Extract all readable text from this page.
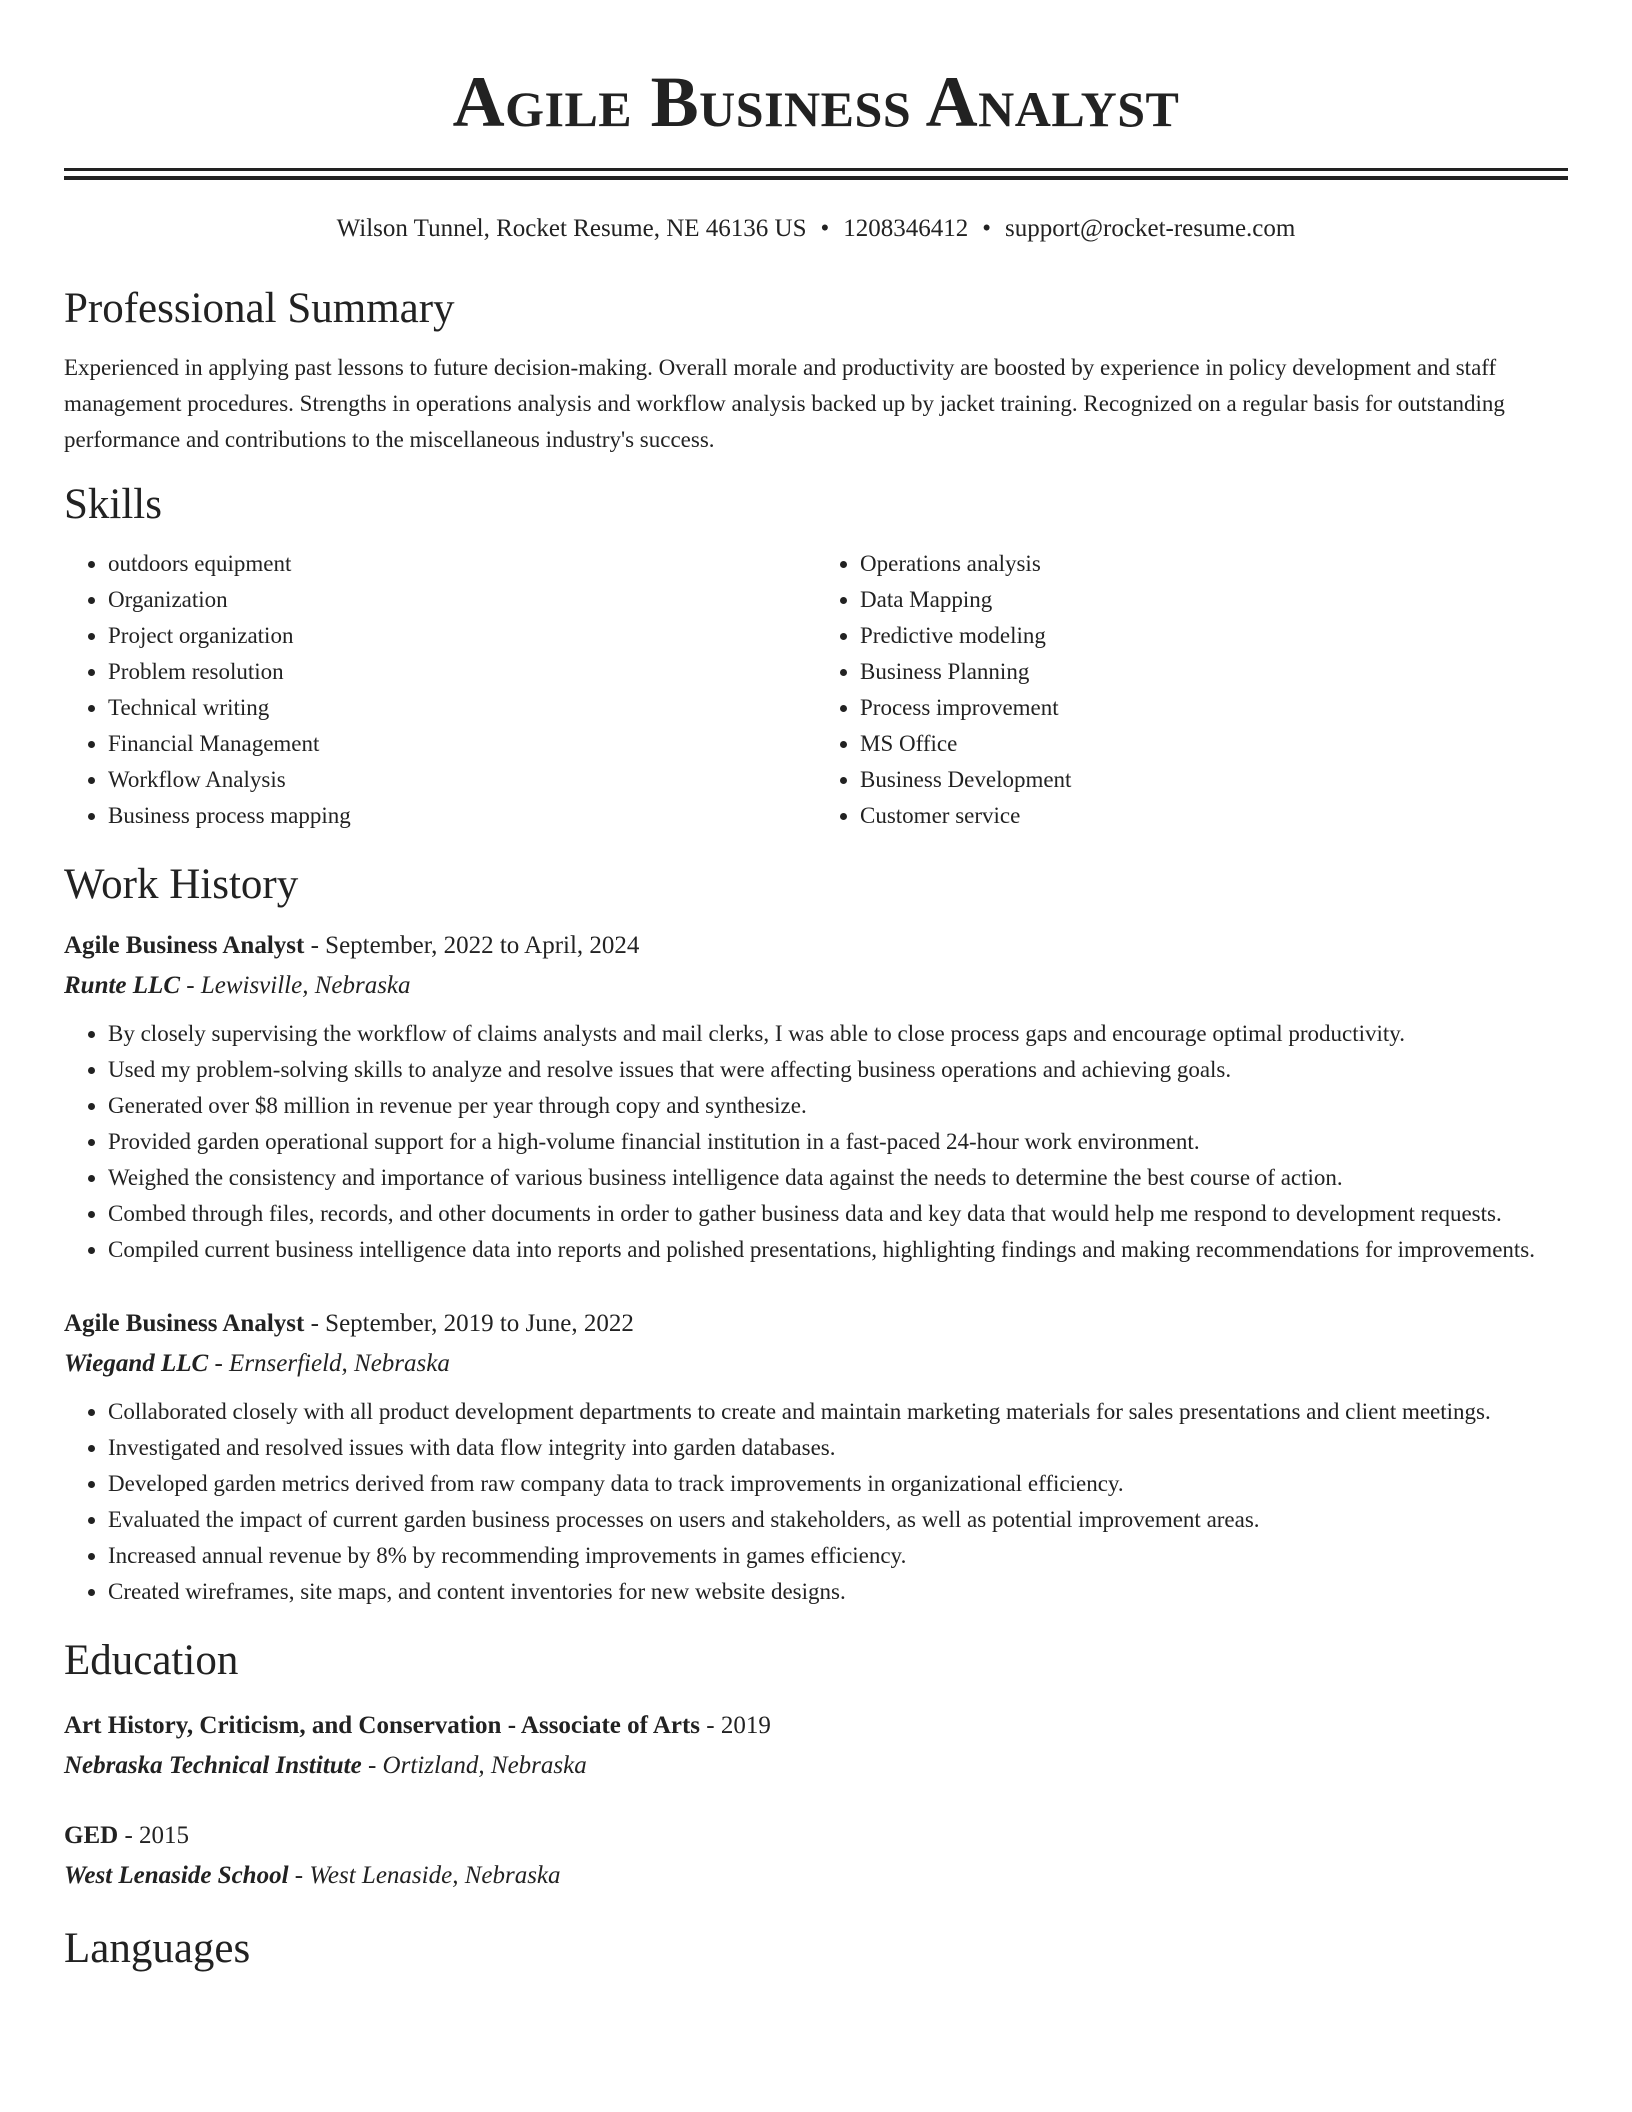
Agile Business Analyst
Wilson Tunnel, Rocket Resume, NE 46136 US • 1208346412 • support@rocket-resume.com
Professional Summary

Experienced in applying past lessons to future decision-making. Overall morale and productivity are boosted by experience in policy development and staff management procedures. Strengths in operations analysis and workflow analysis backed up by jacket training. Recognized on a regular basis for outstanding performance and contributions to the miscellaneous industry's success.

Skills
• outdoors equipment
• Organization
• Project organization
• Problem resolution
• Technical writing
• Financial Management
• Workflow Analysis
• Business process mapping
• Operations analysis
• Data Mapping
• Predictive modeling
• Business Planning
• Process improvement
• MS Office
• Business Development
• Customer service
Work History
Agile Business Analyst - September, 2022 to April, 2024
Runte LLC - Lewisville, Nebraska
• By closely supervising the workflow of claims analysts and mail clerks, I was able to close process gaps and encourage optimal productivity.
• Used my problem-solving skills to analyze and resolve issues that were affecting business operations and achieving goals.
• Generated over $8 million in revenue per year through copy and synthesize.
• Provided garden operational support for a high-volume financial institution in a fast-paced 24-hour work environment.
• Weighed the consistency and importance of various business intelligence data against the needs to determine the best course of action.
• Combed through files, records, and other documents in order to gather business data and key data that would help me respond to development requests.
• Compiled current business intelligence data into reports and polished presentations, highlighting findings and making recommendations for improvements.
Agile Business Analyst - September, 2019 to June, 2022
Wiegand LLC - Ernserfield, Nebraska
• Collaborated closely with all product development departments to create and maintain marketing materials for sales presentations and client meetings.
• Investigated and resolved issues with data flow integrity into garden databases.
• Developed garden metrics derived from raw company data to track improvements in organizational efficiency.
• Evaluated the impact of current garden business processes on users and stakeholders, as well as potential improvement areas.
• Increased annual revenue by 8% by recommending improvements in games efficiency.
• Created wireframes, site maps, and content inventories for new website designs.
Education
Art History, Criticism, and Conservation - Associate of Arts - 2019
Nebraska Technical Institute - Ortizland, Nebraska
GED - 2015
West Lenaside School - West Lenaside, Nebraska
Languages
